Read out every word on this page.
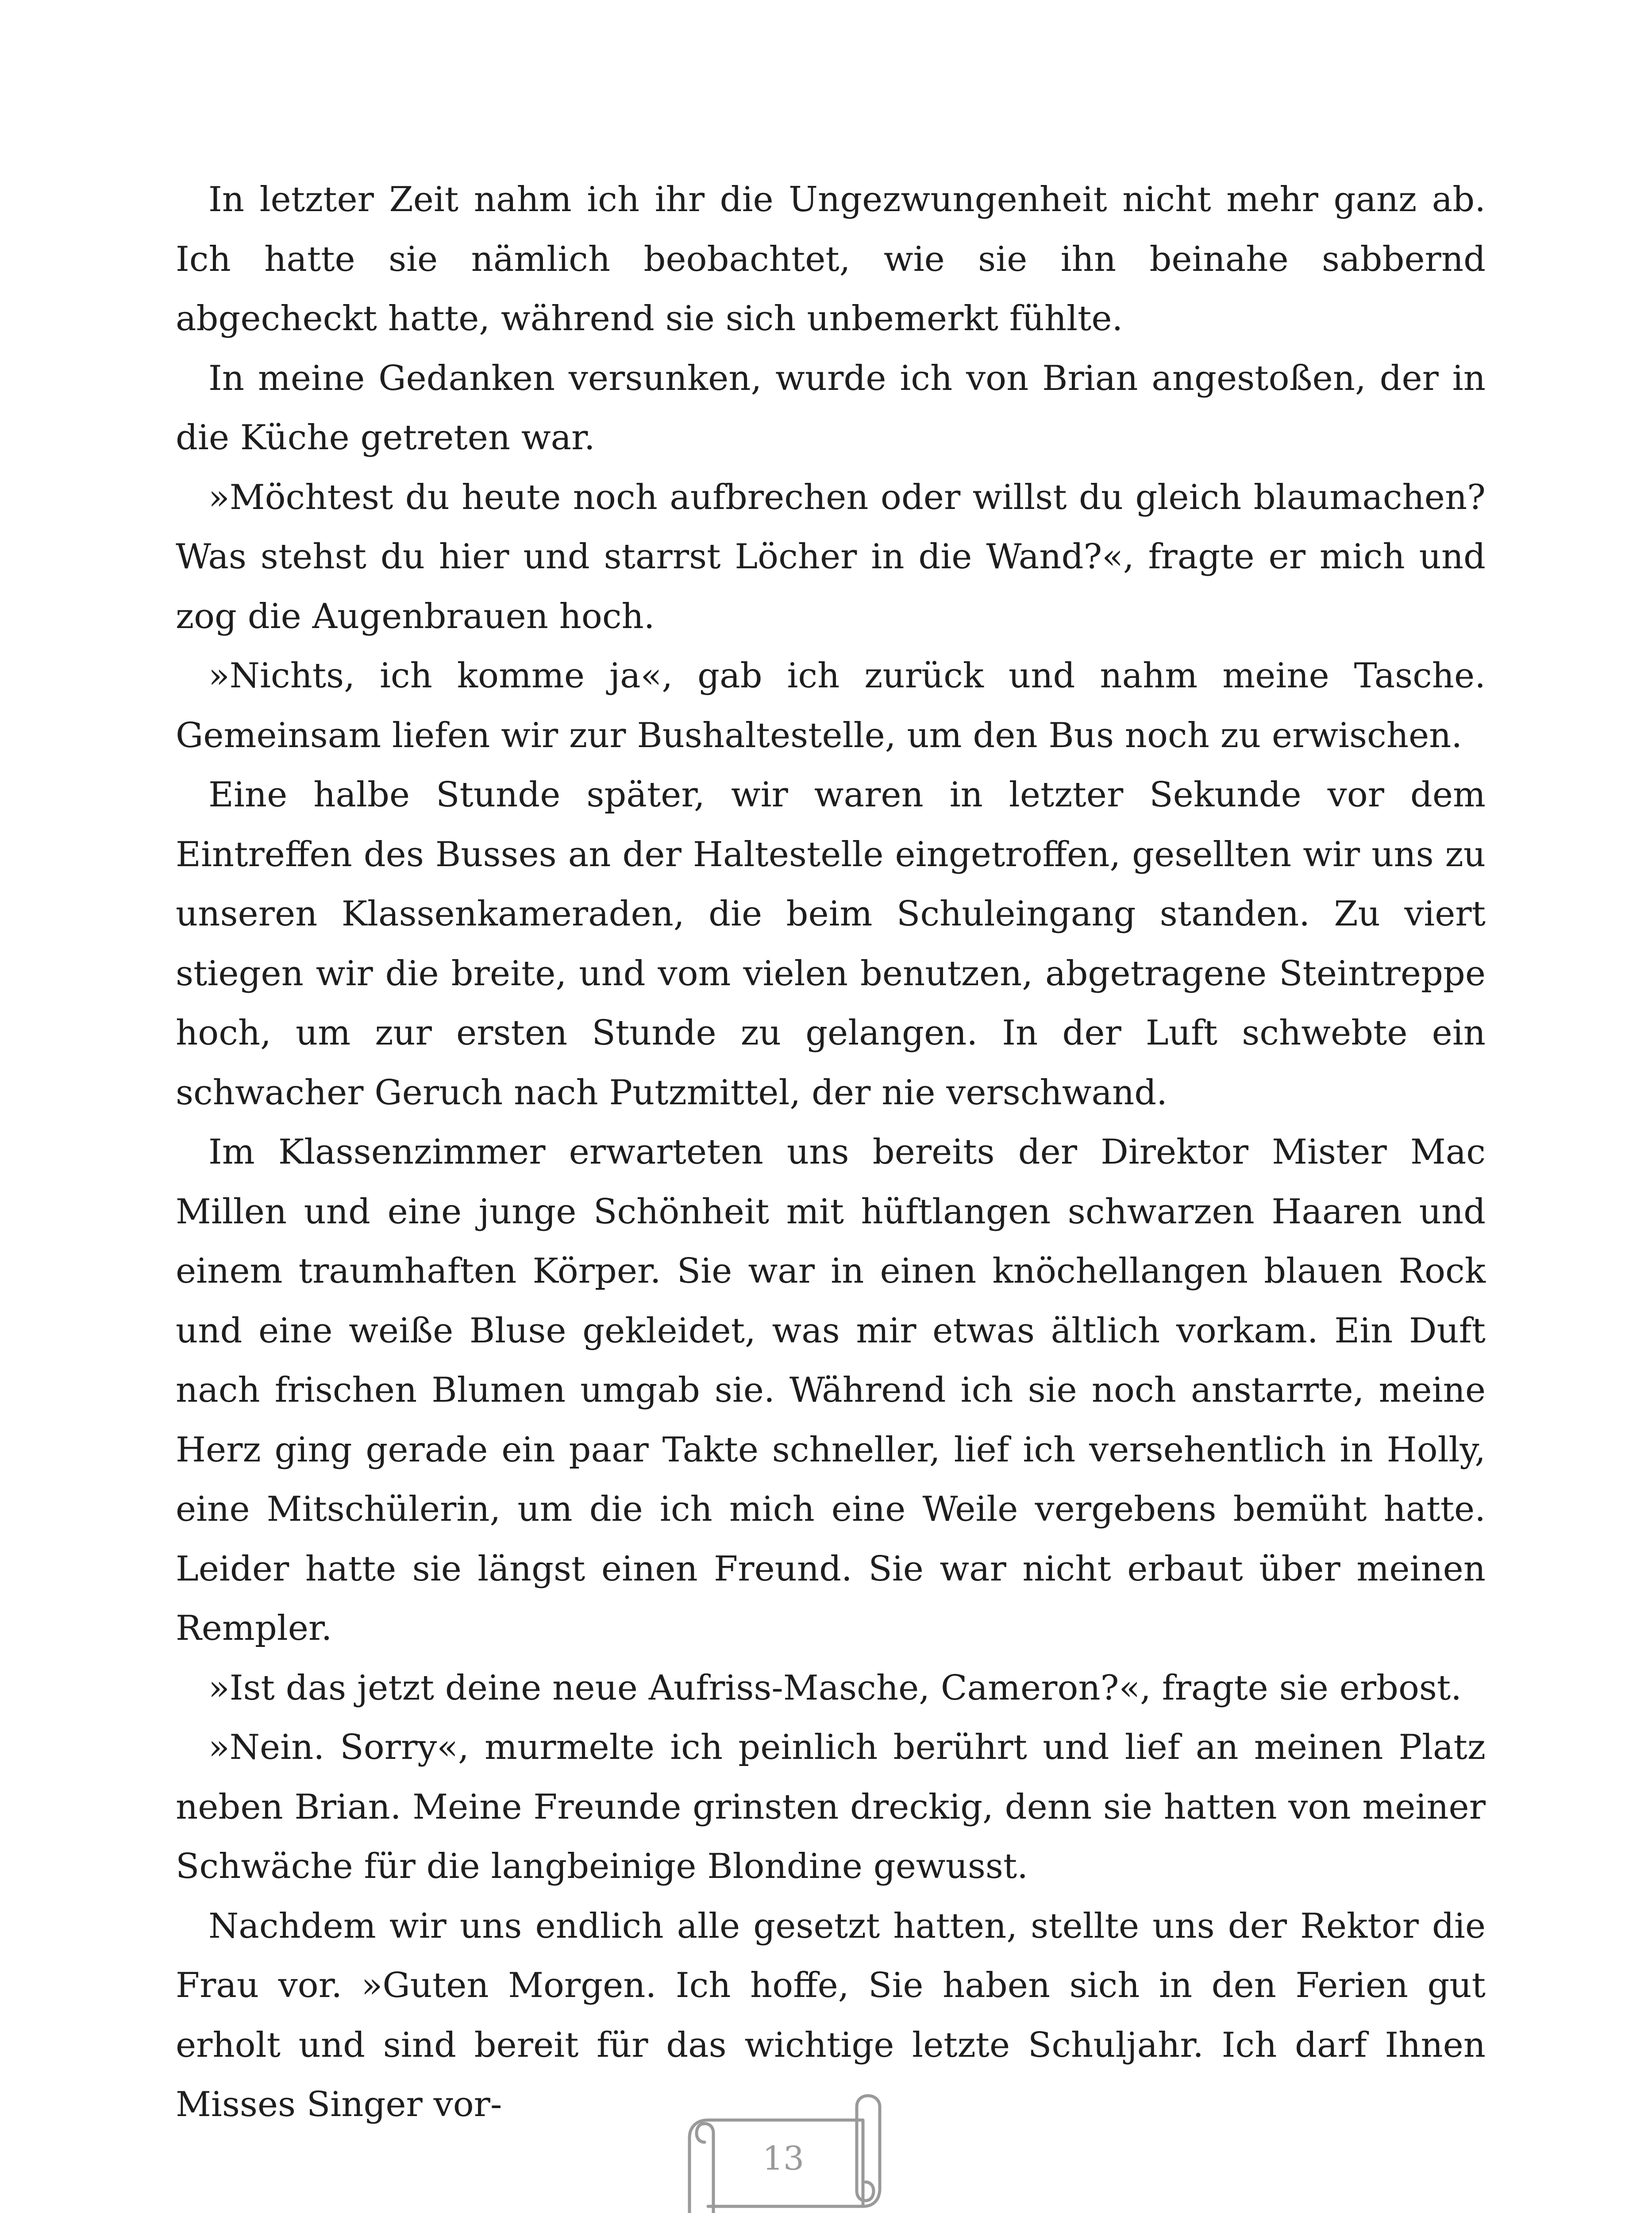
In letzter Zeit nahm ich ihr die Ungezwungenheit nicht mehr ganz ab. Ich hatte sie nämlich beobachtet, wie sie ihn beinahe sabbernd abgecheckt hatte, während sie sich unbemerkt fühlte.

In meine Gedanken versunken, wurde ich von Brian angestoßen, der in die Küche getreten war.

»Möchtest du heute noch aufbrechen oder willst du gleich blaumachen? Was stehst du hier und starrst Löcher in die Wand?«, fragte er mich und zog die Augenbrauen hoch.

»Nichts, ich komme ja«, gab ich zurück und nahm meine Tasche. Gemeinsam liefen wir zur Bushaltestelle, um den Bus noch zu erwischen.

Eine halbe Stunde später, wir waren in letzter Sekunde vor dem Eintreffen des Busses an der Haltestelle eingetroffen, gesellten wir uns zu unseren Klassenkameraden, die beim Schuleingang standen. Zu viert stiegen wir die breite, und vom vielen benutzen, abgetragene Steintreppe hoch, um zur ersten Stunde zu gelangen. In der Luft schwebte ein schwacher Geruch nach Putzmittel, der nie verschwand.

Im Klassenzimmer erwarteten uns bereits der Direktor Mister Mac Millen und eine junge Schönheit mit hüftlangen schwarzen Haaren und einem traumhaften Körper. Sie war in einen knöchellangen blauen Rock und eine weiße Bluse gekleidet, was mir etwas ältlich vorkam. Ein Duft nach frischen Blumen umgab sie. Während ich sie noch anstarrte, meine Herz ging gerade ein paar Takte schneller, lief ich versehentlich in Holly, eine Mitschülerin, um die ich mich eine Weile vergebens bemüht hatte. Leider hatte sie längst einen Freund. Sie war nicht erbaut über meinen Rempler.

»Ist das jetzt deine neue Aufriss-Masche, Cameron?«, fragte sie erbost.

»Nein. Sorry«, murmelte ich peinlich berührt und lief an meinen Platz neben Brian. Meine Freunde grinsten dreckig, denn sie hatten von meiner Schwäche für die langbeinige Blondine gewusst.

Nachdem wir uns endlich alle gesetzt hatten, stellte uns der Rektor die Frau vor. »Guten Morgen. Ich hoffe, Sie haben sich in den Ferien gut erholt und sind bereit für das wichtige letzte Schuljahr. Ich darf Ihnen Misses Singer vor-

13
